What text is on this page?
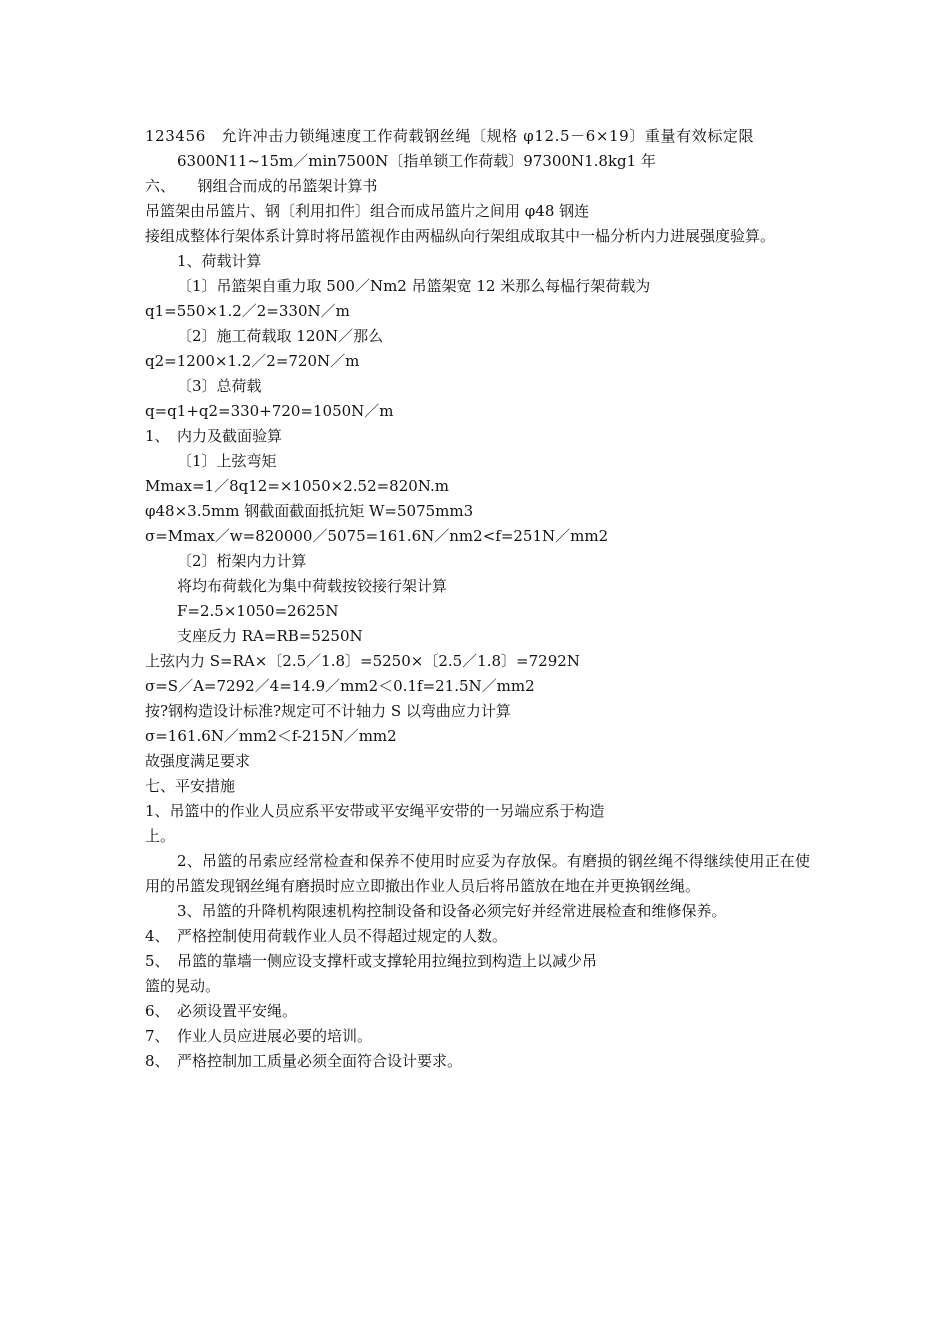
123456　允许冲击力锁绳速度工作荷载钢丝绳〔规格 φ12.5－6×19〕重量有效标定限
6300N11~15m／min7500N〔指单锁工作荷载〕97300N1.8kg1 年
六、　　钢组合而成的吊篮架计算书
吊篮架由吊篮片、钢〔利用扣件〕组合而成吊篮片之间用 φ48 钢连
接组成整体行架体系计算时将吊篮视作由两榀纵向行架组成取其中一榀分析内力进展强度验算。
1、荷载计算
〔1〕吊篮架自重力取 500／Nm2 吊篮架宽 12 米那么每榀行架荷载为
q1=550×1.2／2=330N／m
〔2〕施工荷载取 120N／那么
q2=1200×1.2／2=720N／m
〔3〕总荷载
q=q1+q2=330+720=1050N／m
1、　内力及截面验算
〔1〕上弦弯矩
Mmax=1／8q12=×1050×2.52=820N.m
φ48×3.5mm 钢截面截面抵抗矩 W=5075mm3
σ=Mmax／w=820000／5075=161.6N／nm2<f=251N／mm2
〔2〕桁架内力计算
将均布荷载化为集中荷载按铰接行架计算
F=2.5×1050=2625N
支座反力 RA=RB=5250N
上弦内力 S=RA×〔2.5／1.8〕=5250×〔2.5／1.8〕=7292N
σ=S／A=7292／4=14.9／mm2＜0.1f=21.5N／mm2
按?钢构造设计标准?规定可不计轴力 S 以弯曲应力计算
σ=161.6N／mm2＜f-215N／mm2
故强度满足要求
七、平安措施
1、吊篮中的作业人员应系平安带或平安绳平安带的一另端应系于构造
上。
2、吊篮的吊索应经常检查和保养不使用时应妥为存放保。有磨损的钢丝绳不得继续使用正在使用的吊篮发现钢丝绳有磨损时应立即撤出作业人员后将吊篮放在地在并更换钢丝绳。
3、吊篮的升降机构限速机构控制设备和设备必须完好并经常进展检查和维修保养。
4、　严格控制使用荷载作业人员不得超过规定的人数。
5、　吊篮的靠墙一侧应设支撑杆或支撑轮用拉绳拉到构造上以减少吊
篮的晃动。
6、　必须设置平安绳。
7、　作业人员应进展必要的培训。
8、　严格控制加工质量必须全面符合设计要求。
